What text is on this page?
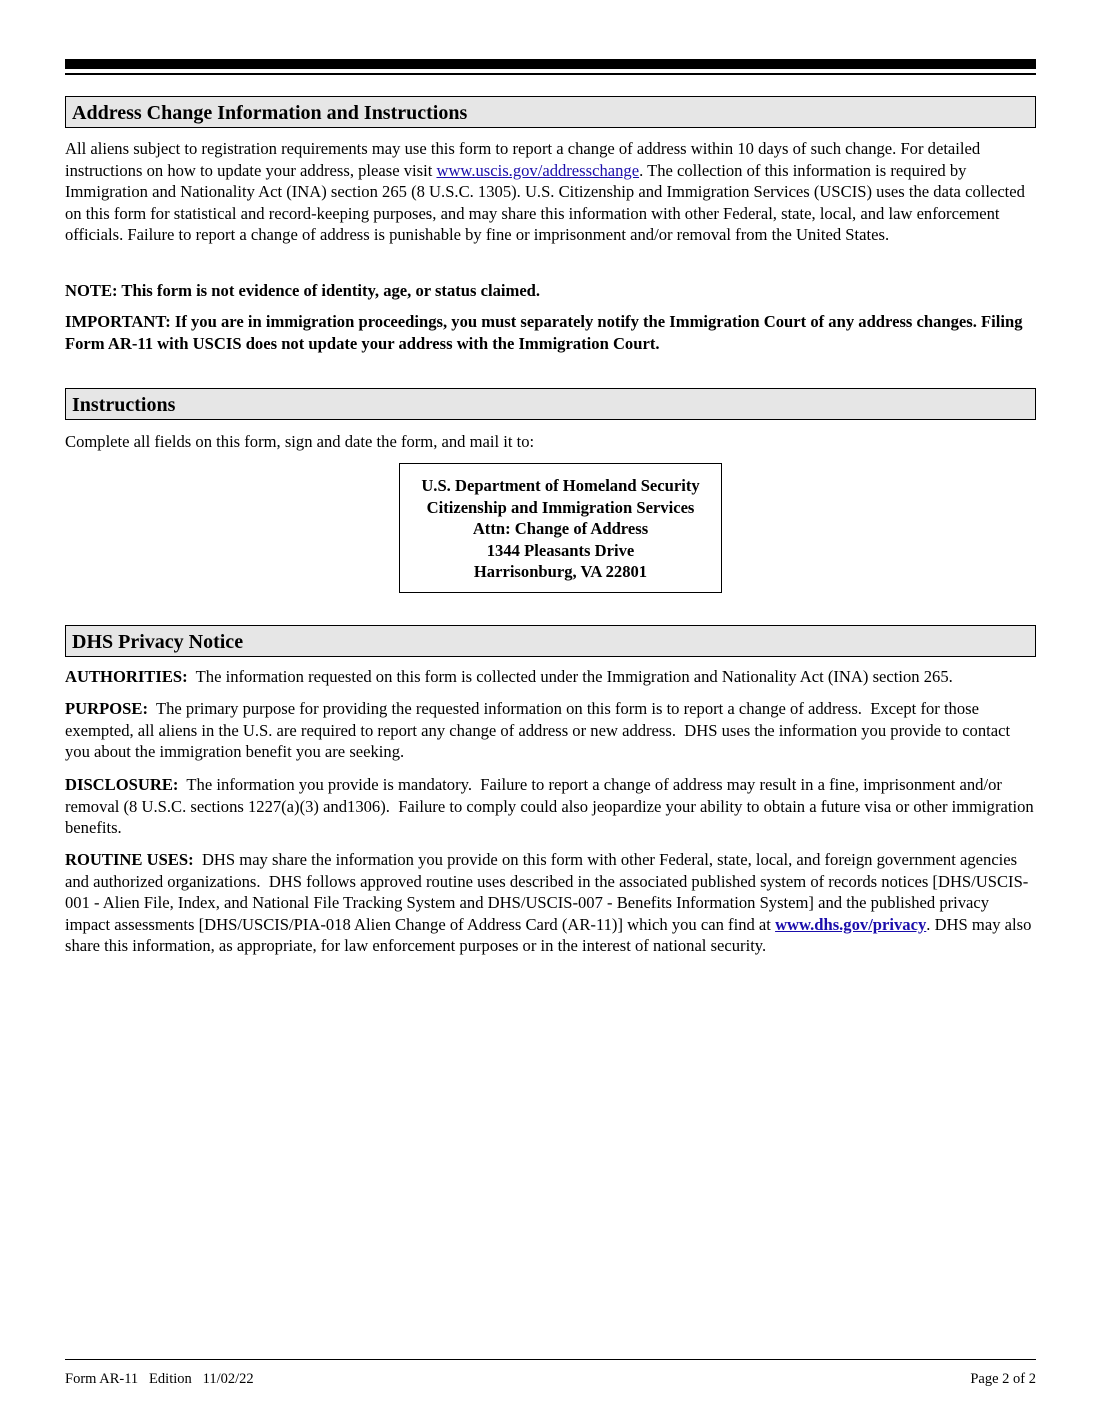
Address Change Information and Instructions

All aliens subject to registration requirements may use this form to report a change of address within 10 days of such change. For detailed instructions on how to update your address, please visit www.uscis.gov/addresschange. The collection of this information is required by Immigration and Nationality Act (INA) section 265 (8 U.S.C. 1305). U.S. Citizenship and Immigration Services (USCIS) uses the data collected on this form for statistical and record-keeping purposes, and may share this information with other Federal, state, local, and law enforcement officials. Failure to report a change of address is punishable by fine or imprisonment and/or removal from the United States.

NOTE: This form is not evidence of identity, age, or status claimed.
IMPORTANT: If you are in immigration proceedings, you must separately notify the Immigration Court of any address changes. Filing Form AR-11 with USCIS does not update your address with the Immigration Court.
Instructions
Complete all fields on this form, sign and date the form, and mail it to:
U.S. Department of Homeland Security
Citizenship and Immigration Services
Attn: Change of Address
1344 Pleasants Drive
Harrisonburg, VA 22801
DHS Privacy Notice

AUTHORITIES:  The information requested on this form is collected under the Immigration and Nationality Act (INA) section 265.

PURPOSE:  The primary purpose for providing the requested information on this form is to report a change of address.  Except for those exempted, all aliens in the U.S. are required to report any change of address or new address.  DHS uses the information you provide to contact you about the immigration benefit you are seeking.

DISCLOSURE:  The information you provide is mandatory.  Failure to report a change of address may result in a fine, imprisonment and/or removal (8 U.S.C. sections 1227(a)(3) and1306).  Failure to comply could also jeopardize your ability to obtain a future visa or other immigration benefits.

ROUTINE USES:  DHS may share the information you provide on this form with other Federal, state, local, and foreign government agencies and authorized organizations.  DHS follows approved routine uses described in the associated published system of records notices [DHS/USCIS-001 - Alien File, Index, and National File Tracking System and DHS/USCIS-007 - Benefits Information System] and the published privacy impact assessments [DHS/USCIS/PIA-018 Alien Change of Address Card (AR-11)] which you can find at www.dhs.gov/privacy. DHS may also share this information, as appropriate, for law enforcement purposes or in the interest of national security.

Form AR-11   Edition   11/02/22	Page 2 of 2
